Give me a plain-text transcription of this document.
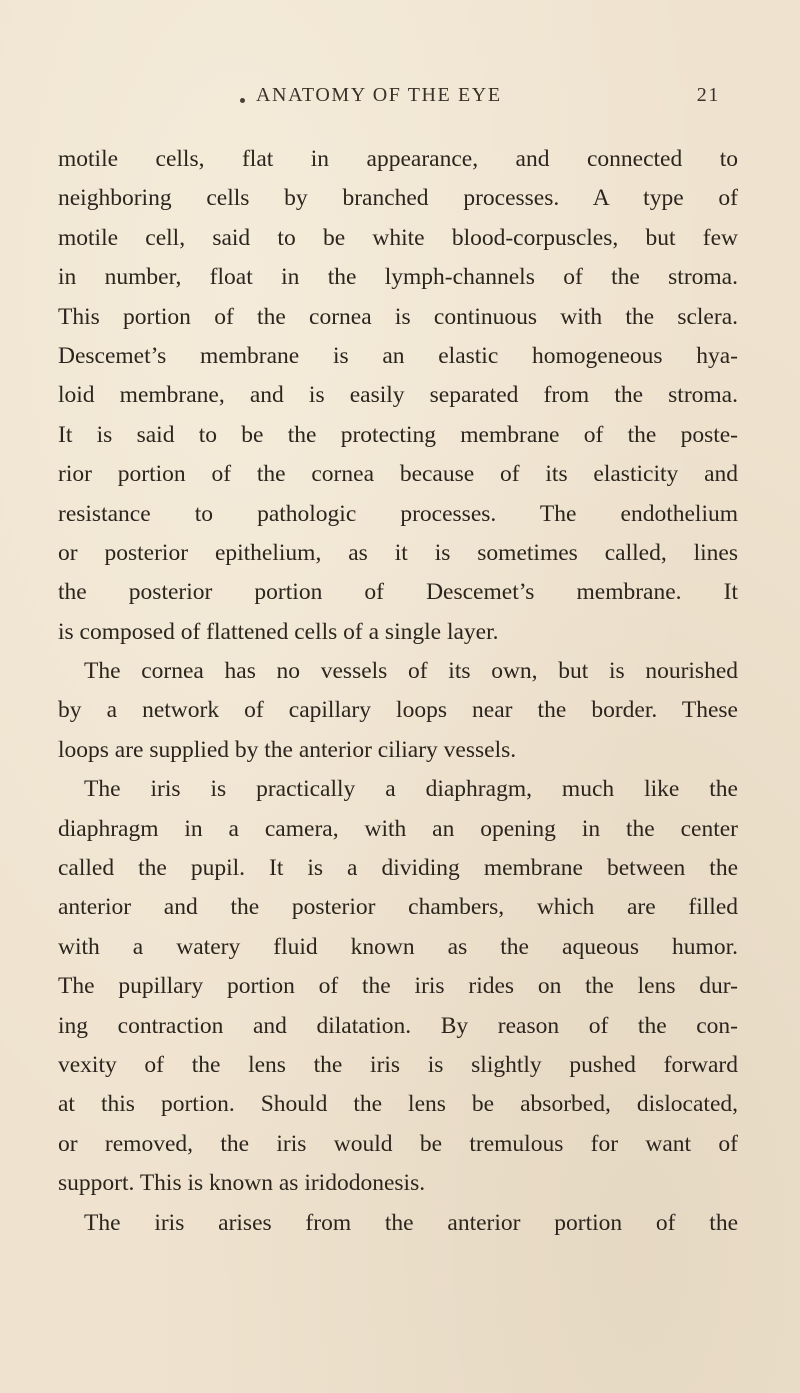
ANATOMY OF THE EYE	21
motile cells, flat in appearance, and connected to
neighboring cells by branched processes. A type of
motile cell, said to be white blood-corpuscles, but few
in number, float in the lymph-channels of the stroma.
This portion of the cornea is continuous with the sclera.
Descemet’s membrane is an elastic homogeneous hya-
loid membrane, and is easily separated from the stroma.
It is said to be the protecting membrane of the poste-
rior portion of the cornea because of its elasticity and
resistance to pathologic processes. The endothelium
or posterior epithelium, as it is sometimes called, lines
the posterior portion of Descemet’s membrane. It
is composed of flattened cells of a single layer.
The cornea has no vessels of its own, but is nourished
by a network of capillary loops near the border. These
loops are supplied by the anterior ciliary vessels.
The iris is practically a diaphragm, much like the
diaphragm in a camera, with an opening in the center
called the pupil. It is a dividing membrane between the
anterior and the posterior chambers, which are filled
with a watery fluid known as the aqueous humor.
The pupillary portion of the iris rides on the lens dur-
ing contraction and dilatation. By reason of the con-
vexity of the lens the iris is slightly pushed forward
at this portion. Should the lens be absorbed, dislocated,
or removed, the iris would be tremulous for want of
support. This is known as iridodonesis.
The iris arises from the anterior portion of the
